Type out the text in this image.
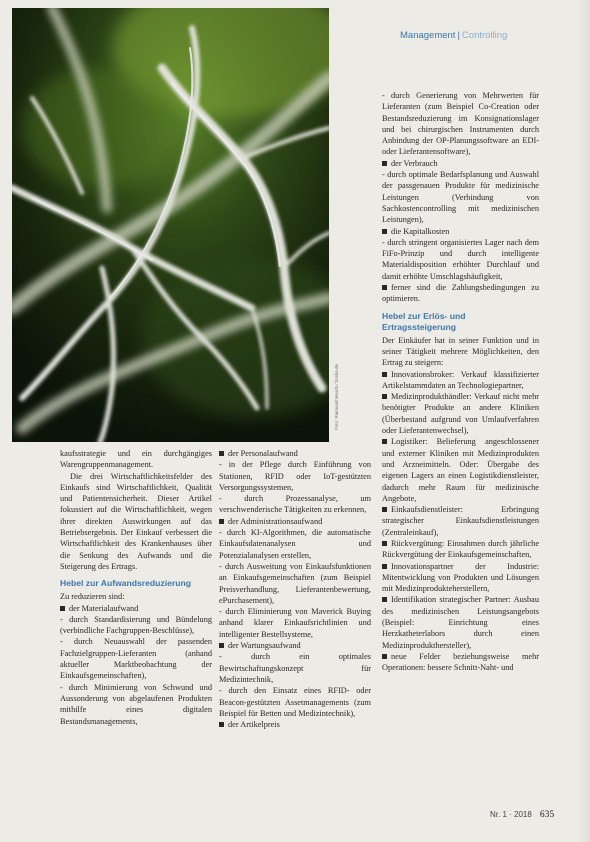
Management | Controlling
Foto: Raimund Mesch / fotolia.de

kaufsstrategie und ein durchgängiges Warengruppenmanagement.

Die drei Wirtschaftlichkeitsfelder des Einkaufs sind Wirtschaftlichkeit, Qualität und Patientensicherheit. Dieser Artikel fokussiert auf die Wirtschaftlichkeit, wegen ihrer direkten Auswirkungen auf das Betriebsergebnis. Der Einkauf verbessert die Wirtschaftlichkeit des Krankenhauses über die Senkung des Aufwands und die Steigerung des Ertrags.

Hebel zur Aufwandsreduzierung

Zu reduzieren sind:

der Materialaufwand

- durch Standardisierung und Bündelung (verbindliche Fachgruppen-Beschlüsse),

- durch Neuauswahl der passenden Fachzielgruppen-Lieferanten (anhand aktueller Marktbeobachtung der Einkaufsgemeinschaften),

- durch Minimierung von Schwund und Aussonderung von abgelaufenen Produkten mithilfe eines digitalen Bestandsmanagements,

der Personalaufwand

- in der Pflege durch Einführung von Stationen, RFID oder IoT-gestützten Versorgungssystemen,

- durch Prozessanalyse, um verschwenderische Tätigkeiten zu erkennen,

der Administrationsaufwand

- durch KI-Algorithmen, die automatische Einkaufsdatenanalysen und Potenzialanalysen erstellen,

- durch Ausweitung von Einkaufsfunktionen an Einkaufsgemeinschaften (zum Beispiel Preisverhandlung, Lieferantenbewertung, ePurchasement),

- durch Eliminierung von Maverick Buying anhand klarer Einkaufsrichtlinien und intelligenter Bestellsysteme,

der Wartungsaufwand

- durch ein optimales Bewirtschaftungskonzept für Medizintechnik,

- durch den Einsatz eines RFID- oder Beacon-gestützten Assetmanagements (zum Beispiel für Betten und Medizintechnik),

der Artikelpreis

- durch Generierung von Mehrwerten für Lieferanten (zum Beispiel Co-Creation oder Bestandsreduzierung im Konsignationslager und bei chirurgischen Instrumenten durch Anbindung der OP-Planungssoftware an EDI- oder Lieferantensoftware),

der Verbrauch

- durch optimale Bedarfsplanung und Auswahl der passgenauen Produkte für medizinische Leistungen (Verbindung von Sachkostencontrolling mit medizinischen Leistungen),

die Kapitalkosten

- durch stringent organisiertes Lager nach dem FiFo-Prinzip und durch intelligente Materialdisposition erhöhter Durchlauf und damit erhöhte Umschlagshäufigkeit,

ferner sind die Zahlungsbedingungen zu optimieren.

Hebel zur Erlös- und
Ertragssteigerung

Der Einkäufer hat in seiner Funktion und in seiner Tätigkeit mehrere Möglichkeiten, den Ertrag zu steigern:

Innovationsbroker: Verkauf klassifizierter Artikelstammdaten an Technologiepartner,

Medizinprodukthändler: Verkauf nicht mehr benötigter Produkte an andere Kliniken (Überbestand aufgrund von Umlaufverfahren oder Lieferantenwechsel),

Logistiker: Belieferung angeschlossener und externer Kliniken mit Medizinprodukten und Arzneimitteln. Oder: Übergabe des eigenen Lagers an einen Logistikdienstleister, dadurch mehr Raum für medizinische Angebote,

Einkaufsdienstleister: Erbringung strategischer Einkaufsdienstleistungen (Zentraleinkauf),

Rückvergütung: Einnahmen durch jährliche Rückvergütung der Einkaufsgemeinschaften,

Innovationspartner der Industrie: Mitentwicklung von Produkten und Lösungen mit Medizinprodukteherstellern,

Identifikation strategischer Partner: Ausbau des medizinischen Leistungsangebots (Beispiel: Einrichtung eines Herzkatheterlabors durch einen Medizinprodukthersteller),

neue Felder beziehungsweise mehr Operationen: bessere Schnitt-Naht- und

Nr. 1 · 2018 635
